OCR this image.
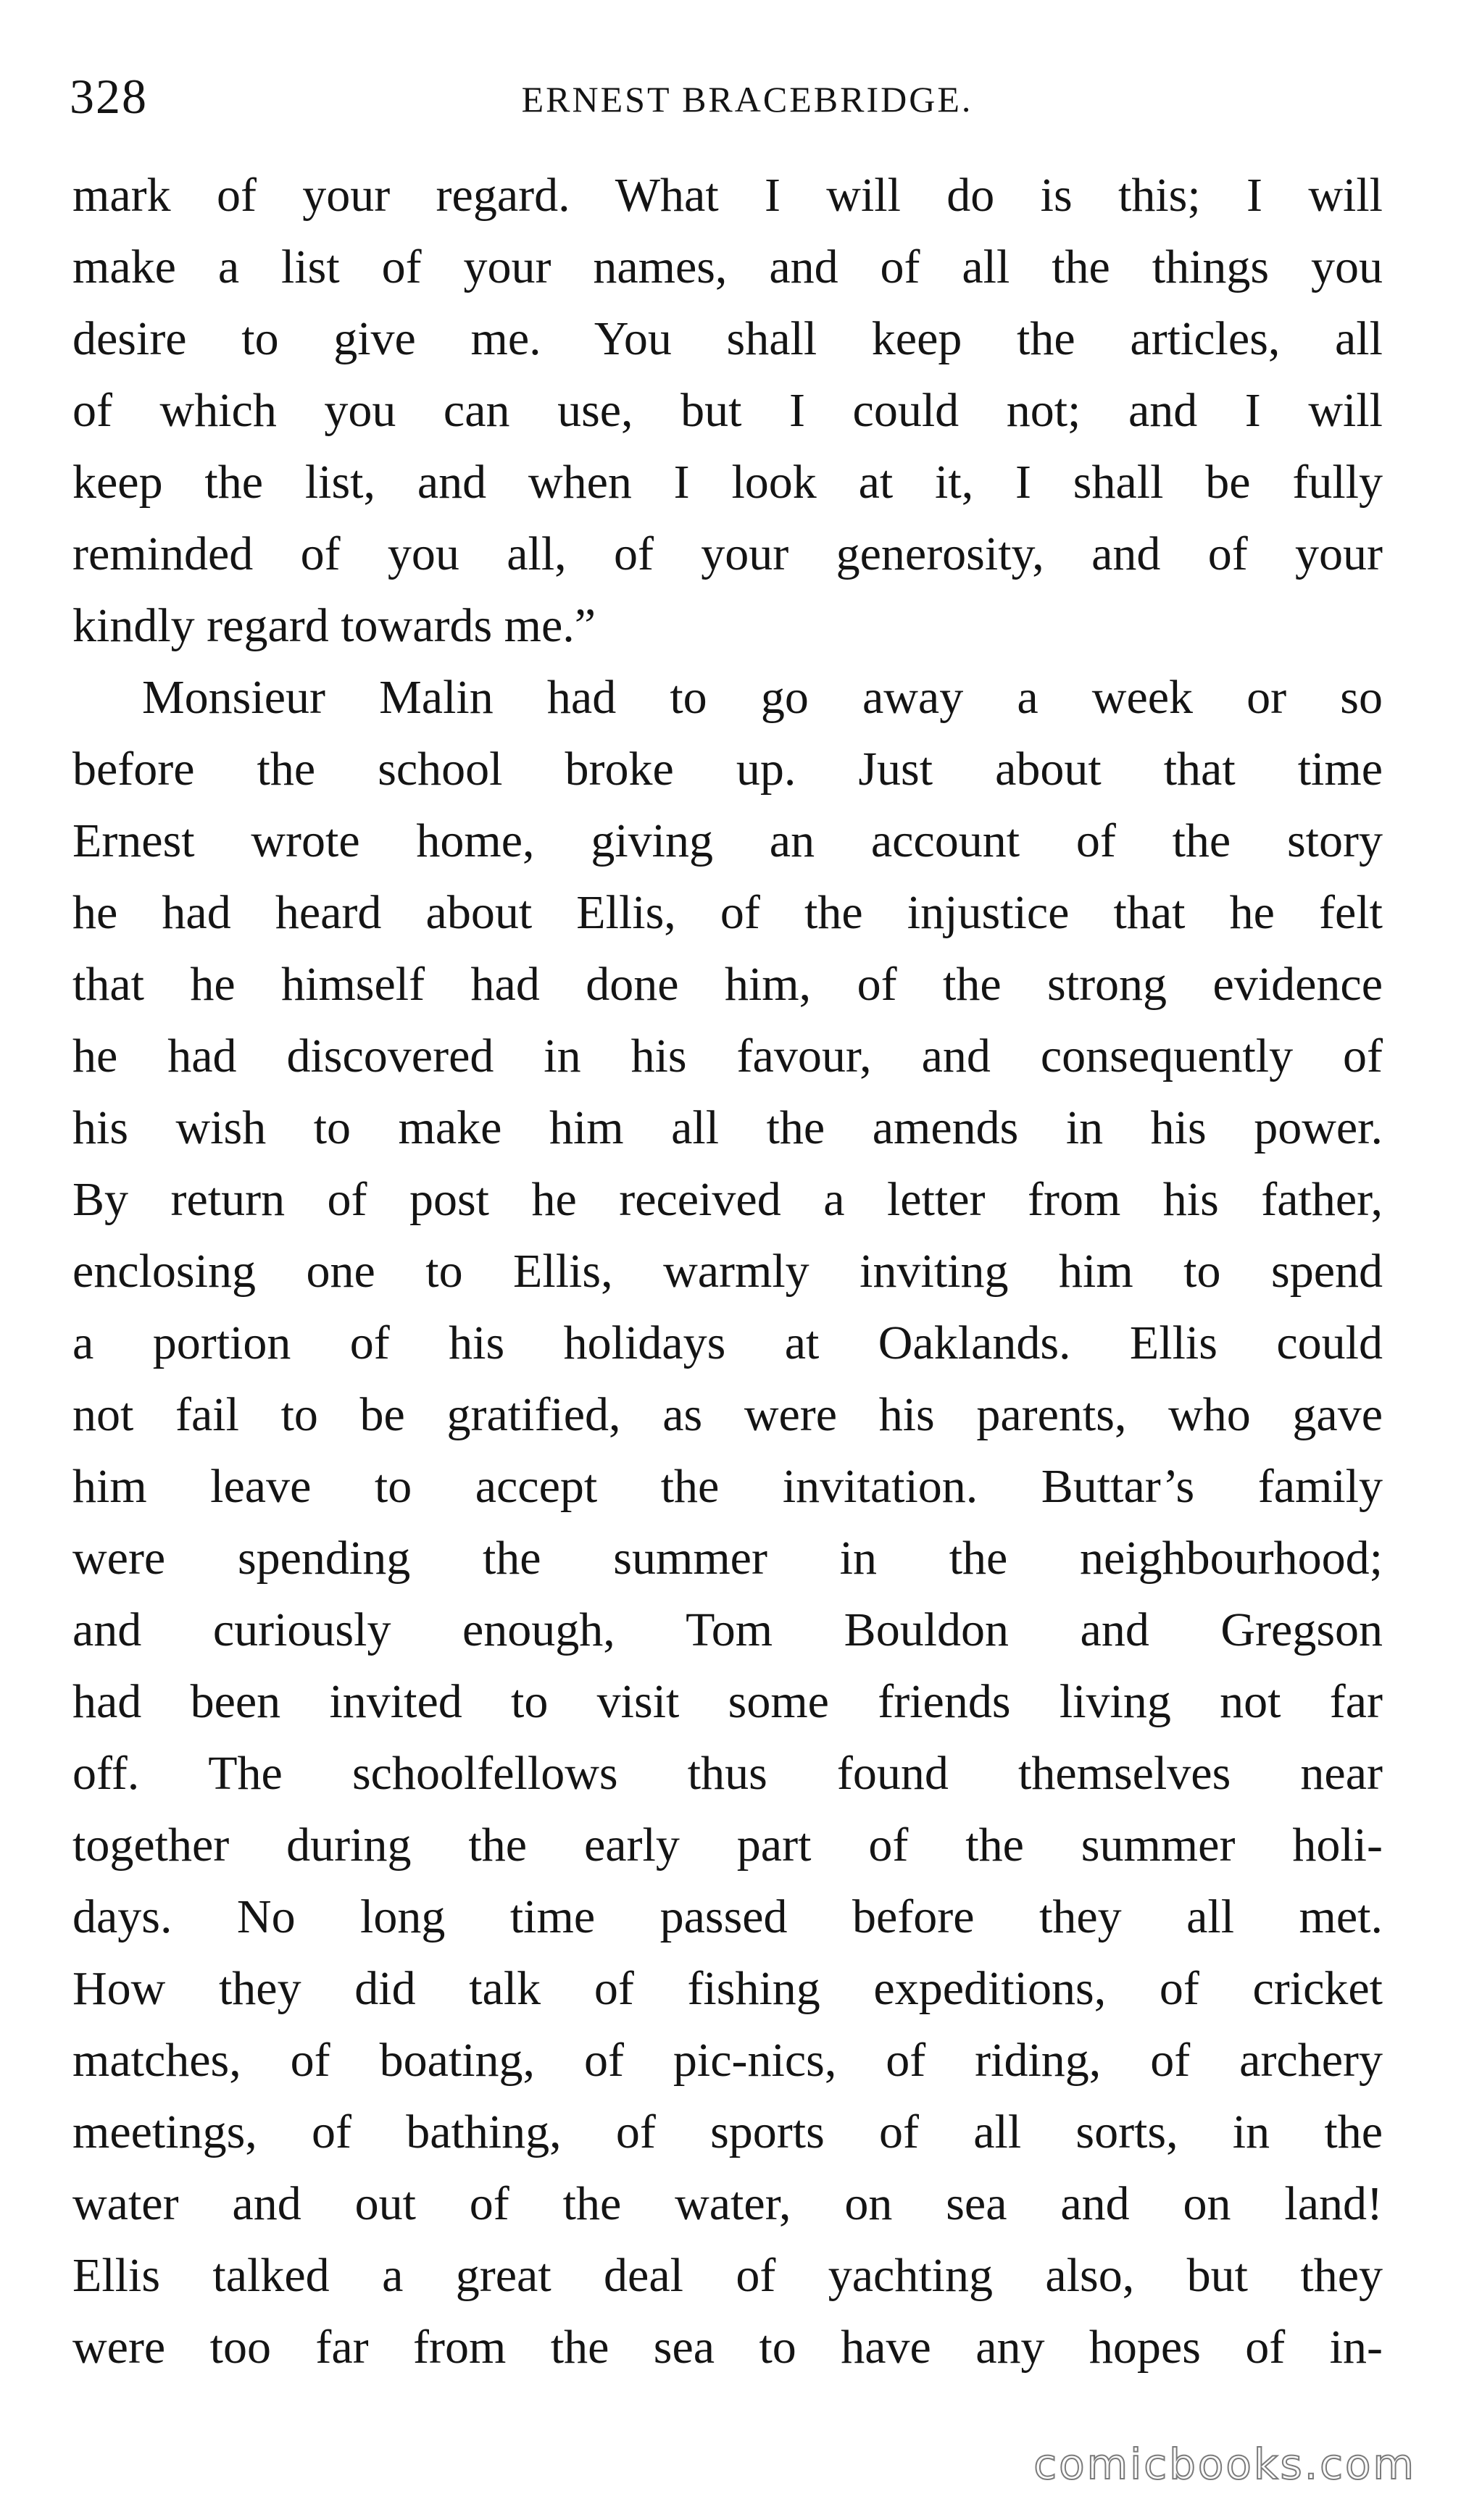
328	ERNEST BRACEBRIDGE.
mark of your regard. What I will do is this; I will
make a list of your names, and of all the things you
desire to give me. You shall keep the articles, all
of which you can use, but I could not; and I will
keep the list, and when I look at it, I shall be fully
reminded of you all, of your generosity, and of your
kindly regard towards me.”
Monsieur Malin had to go away a week or so
before the school broke up. Just about that time
Ernest wrote home, giving an account of the story
he had heard about Ellis, of the injustice that he felt
that he himself had done him, of the strong evidence
he had discovered in his favour, and consequently of
his wish to make him all the amends in his power.
By return of post he received a letter from his father,
enclosing one to Ellis, warmly inviting him to spend
a portion of his holidays at Oaklands. Ellis could
not fail to be gratified, as were his parents, who gave
him leave to accept the invitation. Buttar’s family
were spending the summer in the neighbourhood;
and curiously enough, Tom Bouldon and Gregson
had been invited to visit some friends living not far
off. The schoolfellows thus found themselves near
together during the early part of the summer holi-
days. No long time passed before they all met.
How they did talk of fishing expeditions, of cricket
matches, of boating, of pic-nics, of riding, of archery
meetings, of bathing, of sports of all sorts, in the
water and out of the water, on sea and on land!
Ellis talked a great deal of yachting also, but they
were too far from the sea to have any hopes of in-
comicbooks.com
